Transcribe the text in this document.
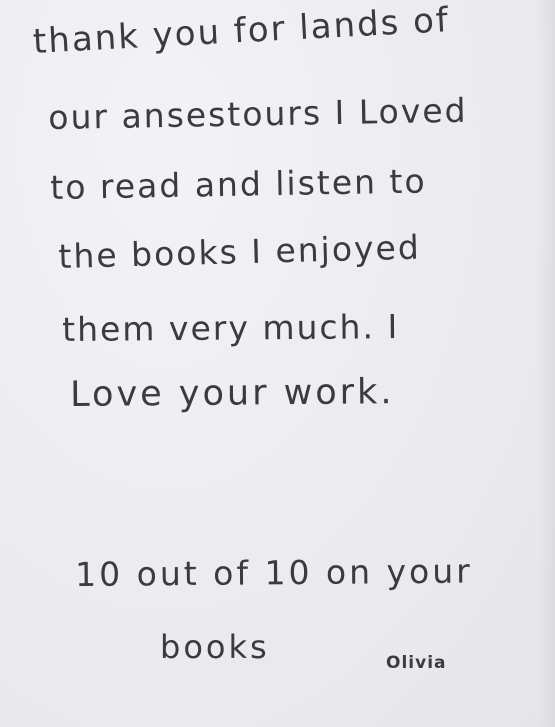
thank you for lands of
our ansestours I Loved
to read and listen to
the books I enjoyed
them very much. I
Love your work.
10 out of 10 on your
books	Olivia
